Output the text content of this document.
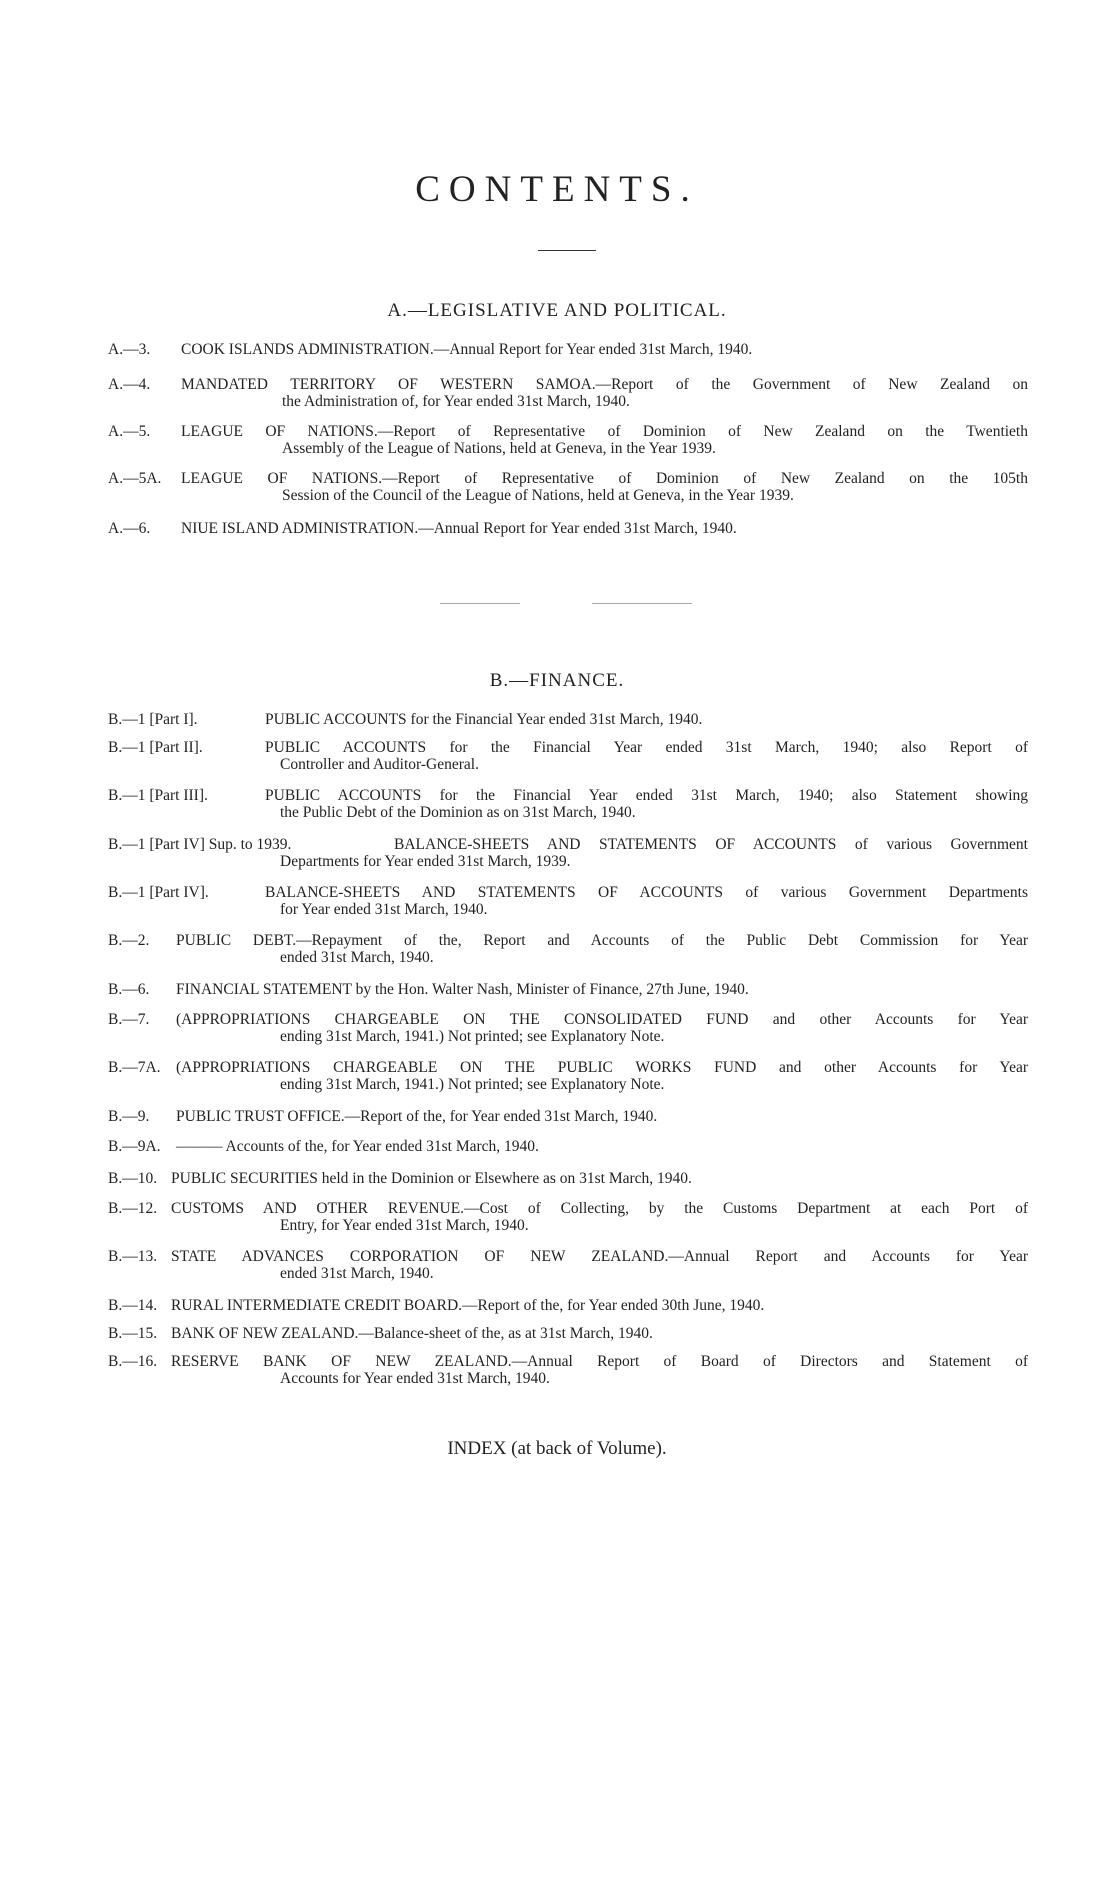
CONTENTS.
A.—LEGISLATIVE AND POLITICAL.
A.—3. COOK ISLANDS ADMINISTRATION.—Annual Report for Year ended 31st March, 1940.
A.—4. MANDATED TERRITORY OF WESTERN SAMOA.—Report of the Government of New Zealand on
the Administration of, for Year ended 31st March, 1940.
A.—5. LEAGUE OF NATIONS.—Report of Representative of Dominion of New Zealand on the Twentieth
Assembly of the League of Nations, held at Geneva, in the Year 1939.
A.—5A. LEAGUE OF NATIONS.—Report of Representative of Dominion of New Zealand on the 105th
Session of the Council of the League of Nations, held at Geneva, in the Year 1939.
A.—6. NIUE ISLAND ADMINISTRATION.—Annual Report for Year ended 31st March, 1940.
B.—FINANCE.
B.—1 [Part I].	PUBLIC ACCOUNTS for the Financial Year ended 31st March, 1940.
B.—1 [Part II].	PUBLIC ACCOUNTS for the Financial Year ended 31st March, 1940; also Report of
Controller and Auditor-General.
B.—1 [Part III].	PUBLIC ACCOUNTS for the Financial Year ended 31st March, 1940; also Statement showing
the Public Debt of the Dominion as on 31st March, 1940.
B.—1 [Part IV] Sup. to 1939.	BALANCE-SHEETS AND STATEMENTS OF ACCOUNTS of various Government
Departments for Year ended 31st March, 1939.
B.—1 [Part IV].	BALANCE-SHEETS AND STATEMENTS OF ACCOUNTS of various Government Departments
for Year ended 31st March, 1940.
B.—2. PUBLIC DEBT.—Repayment of the, Report and Accounts of the Public Debt Commission for Year
ended 31st March, 1940.
B.—6. FINANCIAL STATEMENT by the Hon. Walter Nash, Minister of Finance, 27th June, 1940.
B.—7. (APPROPRIATIONS CHARGEABLE ON THE CONSOLIDATED FUND and other Accounts for Year
ending 31st March, 1941.) Not printed; see Explanatory Note.
B.—7A. (APPROPRIATIONS CHARGEABLE ON THE PUBLIC WORKS FUND and other Accounts for Year
ending 31st March, 1941.) Not printed; see Explanatory Note.
B.—9. PUBLIC TRUST OFFICE.—Report of the, for Year ended 31st March, 1940.
B.—9A. ——— Accounts of the, for Year ended 31st March, 1940.
B.—10. PUBLIC SECURITIES held in the Dominion or Elsewhere as on 31st March, 1940.
B.—12. CUSTOMS AND OTHER REVENUE.—Cost of Collecting, by the Customs Department at each Port of
Entry, for Year ended 31st March, 1940.
B.—13. STATE ADVANCES CORPORATION OF NEW ZEALAND.—Annual Report and Accounts for Year
ended 31st March, 1940.
B.—14. RURAL INTERMEDIATE CREDIT BOARD.—Report of the, for Year ended 30th June, 1940.
B.—15. BANK OF NEW ZEALAND.—Balance-sheet of the, as at 31st March, 1940.
B.—16. RESERVE BANK OF NEW ZEALAND.—Annual Report of Board of Directors and Statement of
Accounts for Year ended 31st March, 1940.
INDEX (at back of Volume).
